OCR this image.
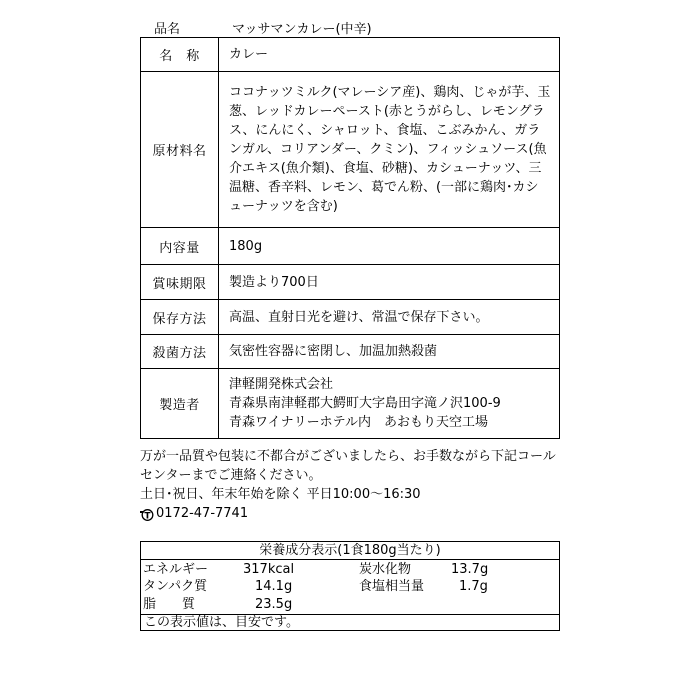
品名	マッサマンカレー(中辛)
名　称	カレー
原材料名	ココナッツミルク(マレーシア産)、鶏肉、じゃが芋、玉葱、レッドカレーペースト(赤とうがらし、レモングラス、にんにく、シャロット、食塩、こぶみかん、ガランガル、コリアンダー、クミン)、フィッシュソース(魚介エキス(魚介類)、食塩、砂糖)、カシューナッツ、三温糖、香辛料、レモン、葛でん粉、(一部に鶏肉･カシューナッツを含む)
内容量	180g
賞味期限	製造より700日
保存方法	高温、直射日光を避け、常温で保存下さい。
殺菌方法	気密性容器に密閉し、加温加熱殺菌
製造者	津軽開発株式会社
青森県南津軽郡大鰐町大字島田字滝ノ沢100-9
青森ワイナリーホテル内　あおもり天空工場

万が一品質や包装に不都合がございましたら、お手数ながら下記コールセンターまでご連絡ください。

土日･祝日、年末年始を除く 平日10:00～16:30

T 0172-47-7741

栄養成分表示(1食180g当たり)
エネルギー	317kcal	炭水化物	13.7g
タンパク質	14.1g	食塩相当量	1.7g
脂　　質	23.5g
この表示値は、目安です。
